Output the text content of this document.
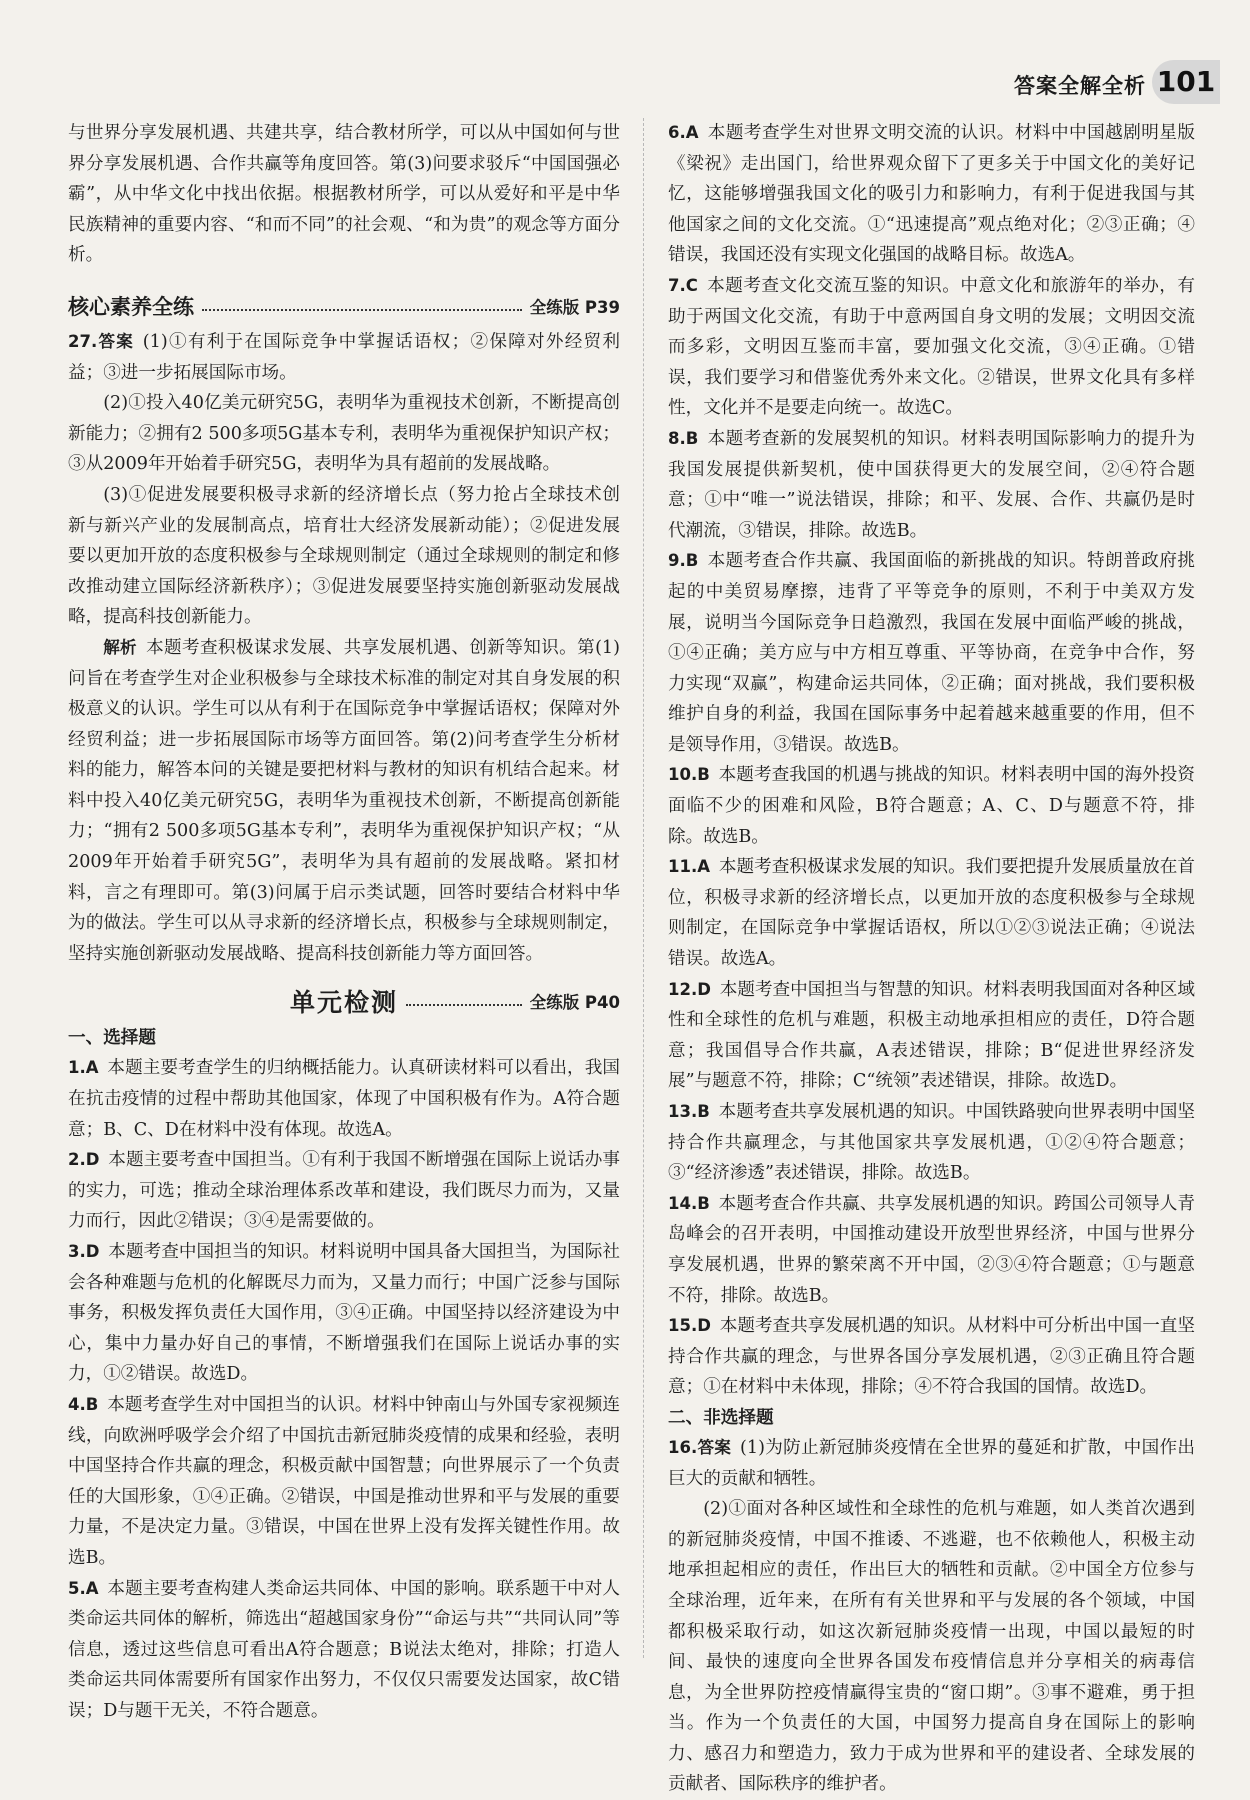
答案全解全析 101

与世界分享发展机遇、共建共享，结合教材所学，可以从中国如何与世界分享发展机遇、合作共赢等角度回答。第(3)问要求驳斥“中国国强必霸”，从中华文化中找出依据。根据教材所学，可以从爱好和平是中华民族精神的重要内容、“和而不同”的社会观、“和为贵”的观念等方面分析。

核心素养全练	全练版 P39

27.答案  (1)①有利于在国际竞争中掌握话语权；②保障对外经贸利益；③进一步拓展国际市场。

(2)①投入40亿美元研究5G，表明华为重视技术创新，不断提高创新能力；②拥有2 500多项5G基本专利，表明华为重视保护知识产权；③从2009年开始着手研究5G，表明华为具有超前的发展战略。

(3)①促进发展要积极寻求新的经济增长点（努力抢占全球技术创新与新兴产业的发展制高点，培育壮大经济发展新动能）；②促进发展要以更加开放的态度积极参与全球规则制定（通过全球规则的制定和修改推动建立国际经济新秩序）；③促进发展要坚持实施创新驱动发展战略，提高科技创新能力。

解析  本题考查积极谋求发展、共享发展机遇、创新等知识。第(1)问旨在考查学生对企业积极参与全球技术标准的制定对其自身发展的积极意义的认识。学生可以从有利于在国际竞争中掌握话语权；保障对外经贸利益；进一步拓展国际市场等方面回答。第(2)问考查学生分析材料的能力，解答本问的关键是要把材料与教材的知识有机结合起来。材料中投入40亿美元研究5G，表明华为重视技术创新，不断提高创新能力；“拥有2 500多项5G基本专利”，表明华为重视保护知识产权；“从2009年开始着手研究5G”，表明华为具有超前的发展战略。紧扣材料，言之有理即可。第(3)问属于启示类试题，回答时要结合材料中华为的做法。学生可以从寻求新的经济增长点，积极参与全球规则制定，坚持实施创新驱动发展战略、提高科技创新能力等方面回答。

单元检测	全练版 P40
一、选择题

1.A  本题主要考查学生的归纳概括能力。认真研读材料可以看出，我国在抗击疫情的过程中帮助其他国家，体现了中国积极有作为。A符合题意；B、C、D在材料中没有体现。故选A。

2.D  本题主要考查中国担当。①有利于我国不断增强在国际上说话办事的实力，可选；推动全球治理体系改革和建设，我们既尽力而为，又量力而行，因此②错误；③④是需要做的。

3.D  本题考查中国担当的知识。材料说明中国具备大国担当，为国际社会各种难题与危机的化解既尽力而为，又量力而行；中国广泛参与国际事务，积极发挥负责任大国作用，③④正确。中国坚持以经济建设为中心，集中力量办好自己的事情，不断增强我们在国际上说话办事的实力，①②错误。故选D。

4.B  本题考查学生对中国担当的认识。材料中钟南山与外国专家视频连线，向欧洲呼吸学会介绍了中国抗击新冠肺炎疫情的成果和经验，表明中国坚持合作共赢的理念，积极贡献中国智慧；向世界展示了一个负责任的大国形象，①④正确。②错误，中国是推动世界和平与发展的重要力量，不是决定力量。③错误，中国在世界上没有发挥关键性作用。故选B。

5.A  本题主要考查构建人类命运共同体、中国的影响。联系题干中对人类命运共同体的解析，筛选出“超越国家身份”“命运与共”“共同认同”等信息，透过这些信息可看出A符合题意；B说法太绝对，排除；打造人类命运共同体需要所有国家作出努力，不仅仅只需要发达国家，故C错误；D与题干无关，不符合题意。

6.A  本题考查学生对世界文明交流的认识。材料中中国越剧明星版《梁祝》走出国门，给世界观众留下了更多关于中国文化的美好记忆，这能够增强我国文化的吸引力和影响力，有利于促进我国与其他国家之间的文化交流。①“迅速提高”观点绝对化；②③正确；④错误，我国还没有实现文化强国的战略目标。故选A。

7.C  本题考查文化交流互鉴的知识。中意文化和旅游年的举办，有助于两国文化交流，有助于中意两国自身文明的发展；文明因交流而多彩，文明因互鉴而丰富，要加强文化交流，③④正确。①错误，我们要学习和借鉴优秀外来文化。②错误，世界文化具有多样性，文化并不是要走向统一。故选C。

8.B  本题考查新的发展契机的知识。材料表明国际影响力的提升为我国发展提供新契机，使中国获得更大的发展空间，②④符合题意；①中“唯一”说法错误，排除；和平、发展、合作、共赢仍是时代潮流，③错误，排除。故选B。

9.B  本题考查合作共赢、我国面临的新挑战的知识。特朗普政府挑起的中美贸易摩擦，违背了平等竞争的原则，不利于中美双方发展，说明当今国际竞争日趋激烈，我国在发展中面临严峻的挑战，①④正确；美方应与中方相互尊重、平等协商，在竞争中合作，努力实现“双赢”，构建命运共同体，②正确；面对挑战，我们要积极维护自身的利益，我国在国际事务中起着越来越重要的作用，但不是领导作用，③错误。故选B。

10.B  本题考查我国的机遇与挑战的知识。材料表明中国的海外投资面临不少的困难和风险，B符合题意；A、C、D与题意不符，排除。故选B。

11.A  本题考查积极谋求发展的知识。我们要把提升发展质量放在首位，积极寻求新的经济增长点，以更加开放的态度积极参与全球规则制定，在国际竞争中掌握话语权，所以①②③说法正确；④说法错误。故选A。

12.D  本题考查中国担当与智慧的知识。材料表明我国面对各种区域性和全球性的危机与难题，积极主动地承担相应的责任，D符合题意；我国倡导合作共赢，A表述错误，排除；B“促进世界经济发展”与题意不符，排除；C“统领”表述错误，排除。故选D。

13.B  本题考查共享发展机遇的知识。中国铁路驶向世界表明中国坚持合作共赢理念，与其他国家共享发展机遇，①②④符合题意；③“经济渗透”表述错误，排除。故选B。

14.B  本题考查合作共赢、共享发展机遇的知识。跨国公司领导人青岛峰会的召开表明，中国推动建设开放型世界经济，中国与世界分享发展机遇，世界的繁荣离不开中国，②③④符合题意；①与题意不符，排除。故选B。

15.D  本题考查共享发展机遇的知识。从材料中可分析出中国一直坚持合作共赢的理念，与世界各国分享发展机遇，②③正确且符合题意；①在材料中未体现，排除；④不符合我国的国情。故选D。

二、非选择题

16.答案  (1)为防止新冠肺炎疫情在全世界的蔓延和扩散，中国作出巨大的贡献和牺牲。

(2)①面对各种区域性和全球性的危机与难题，如人类首次遇到的新冠肺炎疫情，中国不推诿、不逃避，也不依赖他人，积极主动地承担起相应的责任，作出巨大的牺牲和贡献。②中国全方位参与全球治理，近年来，在所有有关世界和平与发展的各个领域，中国都积极采取行动，如这次新冠肺炎疫情一出现，中国以最短的时间、最快的速度向全世界各国发布疫情信息并分享相关的病毒信息，为全世界防控疫情赢得宝贵的“窗口期”。③事不避难，勇于担当。作为一个负责任的大国，中国努力提高自身在国际上的影响力、感召力和塑造力，致力于成为世界和平的建设者、全球发展的贡献者、国际秩序的维护者。
